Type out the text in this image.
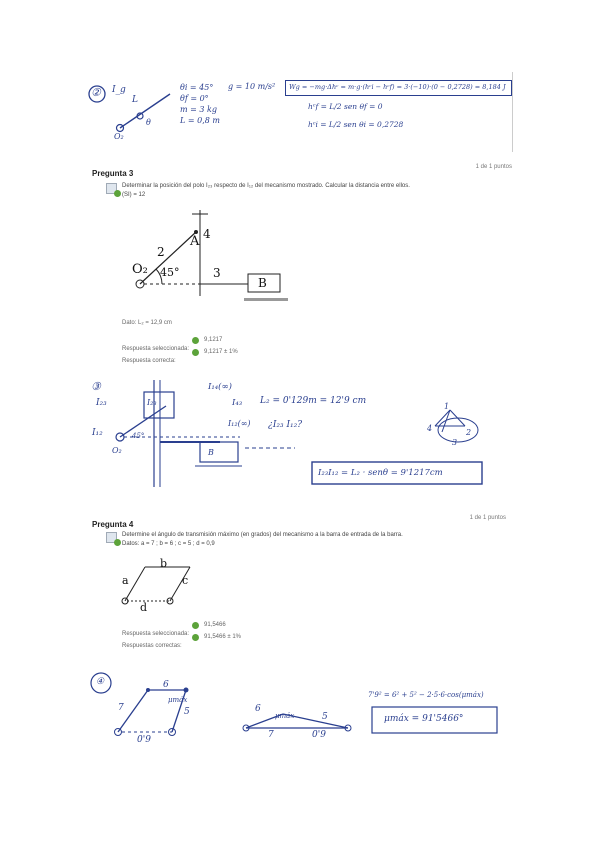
② I_g
L
O₂
θ
θi = 45°
θf = 0°
m = 3 kg
L = 0,8 m
g = 10 m/s² Wg = −mg·Δhᶜ = m·g·(hᶜi − hᶜf) = 3·(−10)·(0 − 0,2728) = 8,184 J
hᶜf = L/2 sen θf = 0
hᶜi = L/2 sen θi = 0,2728
Pregunta 3
1 de 1 puntos
Determinar la posición del polo I₂₃ respecto de I₁₂ del mecanismo mostrado. Calcular la distancia entre ellos.
(SI) = 12
O₂
A 4
2
3
45°
B
Dato: L₂ = 12,9 cm
Respuesta seleccionada:
9,1217
Respuesta correcta:
9,1217 ± 1%
③
I₂₃	I₂₃
I₁₄(∞)
I₄₃
I₁₂
O₂
45°
I₁₂(∞)
B
L₂ = 0'129m = 12'9 cm
¿I₂₃ I₁₂?
I₂₃I₁₂ = L₂ · senθ = 9'1217cm
1
2
3
4
Pregunta 4
1 de 1 puntos
Determine el ángulo de transmisión máximo (en grados) del mecanismo a la barra de entrada de la barra.
Datos: a = 7 ; b = 6 ; c = 5 ; d = 0,9
b
a	c
d
Respuesta seleccionada:
91,5466
Respuestas correctas:
91,5466 ± 1%
④	6
7	5
μmáx
0'9
6
5
μmáx
7	0'9
7'9² = 6² + 5² − 2·5·6·cos(μmáx)
μmáx = 91'5466°
